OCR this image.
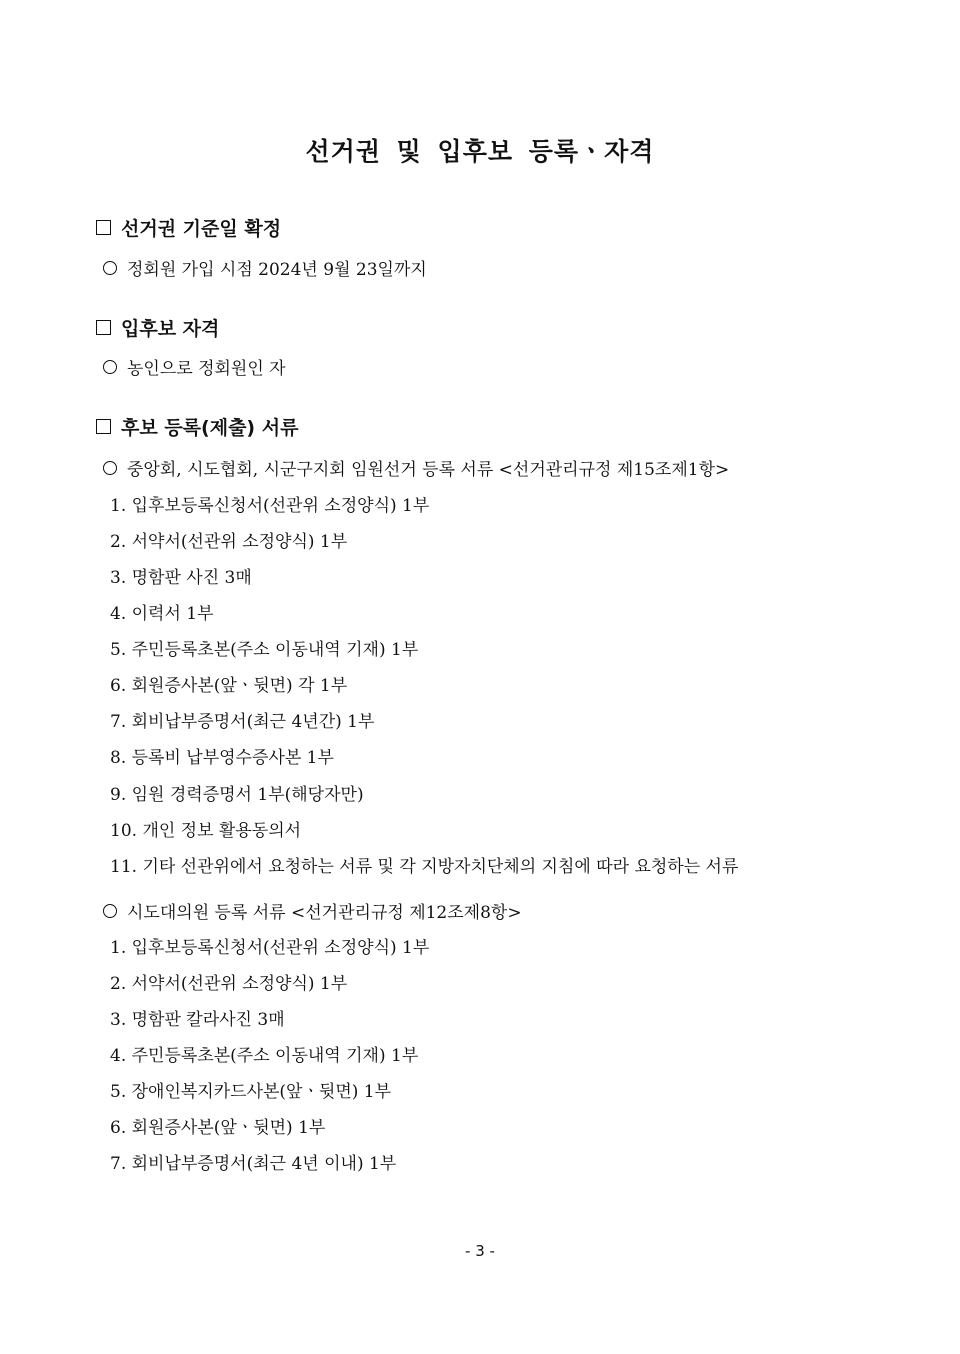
선거권 및 입후보 등록ㆍ자격
선거권 기준일 확정
정회원 가입 시점 2024년 9월 23일까지
입후보 자격
농인으로 정회원인 자
후보 등록(제출) 서류
중앙회, 시도협회, 시군구지회 임원선거 등록 서류 <선거관리규정 제15조제1항>
1. 입후보등록신청서(선관위 소정양식) 1부
2. 서약서(선관위 소정양식) 1부
3. 명함판 사진 3매
4. 이력서 1부
5. 주민등록초본(주소 이동내역 기재) 1부
6. 회원증사본(앞ㆍ뒷면) 각 1부
7. 회비납부증명서(최근 4년간) 1부
8. 등록비 납부영수증사본 1부
9. 임원 경력증명서 1부(해당자만)
10. 개인 정보 활용동의서
11. 기타 선관위에서 요청하는 서류 및 각 지방자치단체의 지침에 따라 요청하는 서류
시도대의원 등록 서류 <선거관리규정 제12조제8항>
1. 입후보등록신청서(선관위 소정양식) 1부
2. 서약서(선관위 소정양식) 1부
3. 명함판 칼라사진 3매
4. 주민등록초본(주소 이동내역 기재) 1부
5. 장애인복지카드사본(앞ㆍ뒷면) 1부
6. 회원증사본(앞ㆍ뒷면) 1부
7. 회비납부증명서(최근 4년 이내) 1부
- 3 -
